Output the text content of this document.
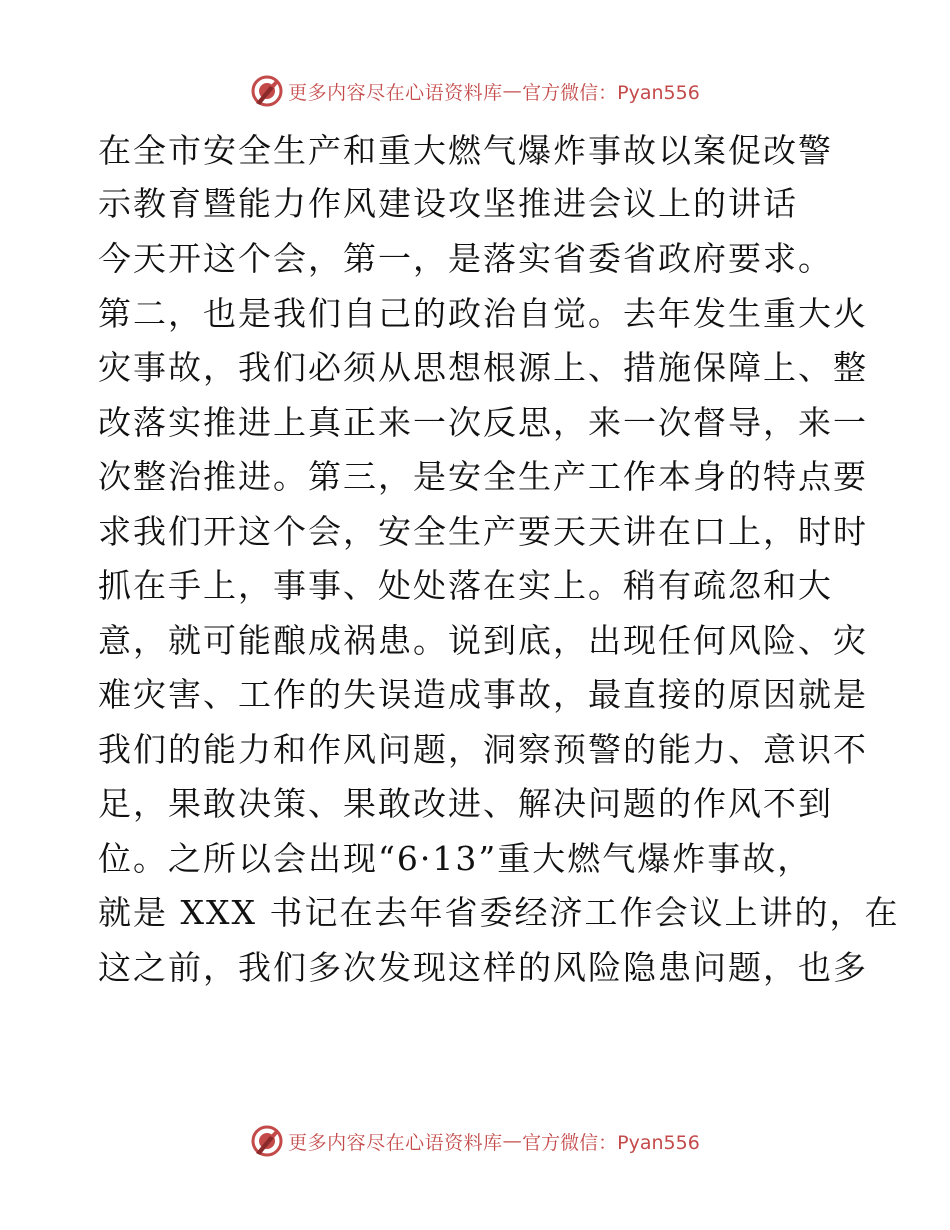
更多内容尽在心语资料库 — 官方微信：Pyan556
在全市安全生产和重大燃气爆炸事故以案促改警
示教育暨能力作风建设攻坚推进会议上的讲话
今天开这个会，第一，是落实省委省政府要求。
第二，也是我们自己的政治自觉。去年发生重大火
灾事故，我们必须从思想根源上、措施保障上、整
改落实推进上真正来一次反思，来一次督导，来一
次整治推进。第三，是安全生产工作本身的特点要
求我们开这个会，安全生产要天天讲在口上，时时
抓在手上，事事、处处落在实上。稍有疏忽和大
意，就可能酿成祸患。说到底，出现任何风险、灾
难灾害、工作的失误造成事故，最直接的原因就是
我们的能力和作风问题，洞察预警的能力、意识不
足，果敢决策、果敢改进、解决问题的作风不到
位。之所以会出现“6·13”重大燃气爆炸事故，
就是 XXX 书记在去年省委经济工作会议上讲的，在
这之前，我们多次发现这样的风险隐患问题，也多
更多内容尽在心语资料库 — 官方微信：Pyan556
